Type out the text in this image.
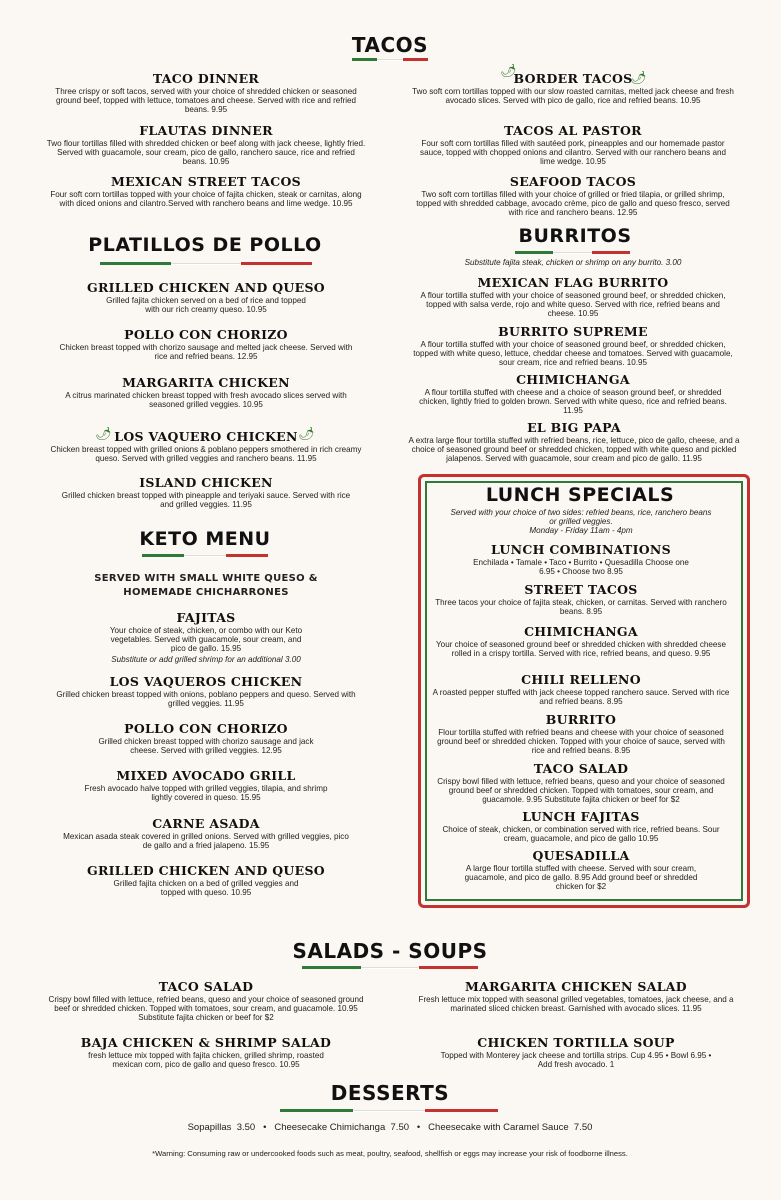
TACOS
TACO DINNER
Three crispy or soft tacos, served with your choice of shredded chicken or seasoned ground beef, topped with lettuce, tomatoes and cheese. Served with rice and refried beans. 9.95
FLAUTAS DINNER
Two flour tortillas filled with shredded chicken or beef along with jack cheese, lightly fried. Served with guacamole, sour cream, pico de gallo, ranchero sauce, rice and refried beans. 10.95
MEXICAN STREET TACOS
Four soft corn tortillas topped with your choice of fajita chicken, steak or carnitas, along with diced onions and cilantro.Served with ranchero beans and lime wedge. 10.95
🌶	🌶
BORDER TACOS
Two soft corn tortillas topped with our slow roasted carnitas, melted jack cheese and fresh avocado slices. Served with pico de gallo, rice and refried beans. 10.95
TACOS AL PASTOR
Four soft corn tortillas filled with sautéed pork, pineapples and our homemade pastor sauce, topped with chopped onions and cilantro. Served with our ranchero beans and lime wedge. 10.95
SEAFOOD TACOS
Two soft corn tortillas filled with your choice of grilled or fried tilapia, or grilled shrimp, topped with shredded cabbage, avocado crème, pico de gallo and queso fresco, served with rice and ranchero beans. 12.95
PLATILLOS DE POLLO
GRILLED CHICKEN AND QUESO
Grilled fajita chicken served on a bed of rice and topped with our rich creamy queso. 10.95
POLLO CON CHORIZO
Chicken breast topped with chorizo sausage and melted jack cheese. Served with rice and refried beans. 12.95
MARGARITA CHICKEN
A citrus marinated chicken breast topped with fresh avocado slices served with seasoned grilled veggies. 10.95
🌶	🌶
LOS VAQUERO CHICKEN
Chicken breast topped with grilled onions & poblano peppers smothered in rich creamy queso. Served with grilled veggies and ranchero beans. 11.95
ISLAND CHICKEN
Grilled chicken breast topped with pineapple and teriyaki sauce. Served with rice and grilled veggies. 11.95
KETO MENU
SERVED WITH SMALL WHITE QUESO &
HOMEMADE CHICHARRONES
FAJITAS
Your choice of steak, chicken, or combo with our Keto vegetables. Served with guacamole, sour cream, and pico de gallo. 15.95
Substitute or add grilled shrimp for an additional 3.00
LOS VAQUEROS CHICKEN
Grilled chicken breast topped with onions, poblano peppers and queso. Served with grilled veggies. 11.95
POLLO CON CHORIZO
Grilled chicken breast topped with chorizo sausage and jack cheese. Served with grilled veggies. 12.95
MIXED AVOCADO GRILL
Fresh avocado halve topped with grilled veggies, tilapia, and shrimp lightly covered in queso. 15.95
CARNE ASADA
Mexican asada steak covered in grilled onions. Served with grilled veggies, pico de gallo and a fried jalapeno. 15.95
GRILLED CHICKEN AND QUESO
Grilled fajita chicken on a bed of grilled veggies and topped with queso. 10.95
BURRITOS
Substitute fajita steak, chicken or shrimp on any burrito. 3.00
MEXICAN FLAG BURRITO
A flour tortilla stuffed with your choice of seasoned ground beef, or shredded chicken, topped with salsa verde, rojo and white queso. Served with rice, refried beans and cheese. 10.95
BURRITO SUPREME
A flour tortilla stuffed with your choice of seasoned ground beef, or shredded chicken, topped with white queso, lettuce, cheddar cheese and tomatoes. Served with guacamole, sour cream, rice and refried beans. 10.95
CHIMICHANGA
A flour tortilla stuffed with cheese and a choice of season ground beef, or shredded chicken, lightly fried to golden brown. Served with white queso, rice and refried beans. 11.95
EL BIG PAPA
A extra large flour tortilla stuffed with refried beans, rice, lettuce, pico de gallo, cheese, and a choice of seasoned ground beef or shredded chicken, topped with white queso and pickled jalapenos. Served with guacamole, sour cream and pico de gallo. 11.95
LUNCH SPECIALS
Served with your choice of two sides: refried beans, rice, ranchero beans or grilled veggies.
Monday - Friday 11am - 4pm
LUNCH COMBINATIONS
Enchilada • Tamale • Taco • Burrito • Quesadilla Choose one 6.95 • Choose two 8.95
STREET TACOS
Three tacos your choice of fajita steak, chicken, or carnitas. Served with ranchero beans. 8.95
CHIMICHANGA
Your choice of seasoned ground beef or shredded chicken with shredded cheese rolled in a crispy tortilla. Served with rice, refried beans, and queso. 9.95
CHILI RELLENO
A roasted pepper stuffed with jack cheese topped ranchero sauce. Served with rice and refried beans. 8.95
BURRITO
Flour tortilla stuffed with refried beans and cheese with your choice of seasoned ground beef or shredded chicken. Topped with your choice of sauce, served with rice and refried beans. 8.95
TACO SALAD
Crispy bowl filled with lettuce, refried beans, queso and your choice of seasoned ground beef or shredded chicken. Topped with tomatoes, sour cream, and guacamole. 9.95 Substitute fajita chicken or beef for $2
LUNCH FAJITAS
Choice of steak, chicken, or combination served with rice, refried beans. Sour cream, guacamole, and pico de gallo 10.95
QUESADILLA
A large flour tortilla stuffed with cheese. Served with sour cream, guacamole, and pico de gallo. 8.95 Add ground beef or shredded chicken for $2
SALADS - SOUPS
TACO SALAD
Crispy bowl filled with lettuce, refried beans, queso and your choice of seasoned ground beef or shredded chicken. Topped with tomatoes, sour cream, and guacamole. 10.95 Substitute fajita chicken or beef for $2
MARGARITA CHICKEN SALAD
Fresh lettuce mix topped with seasonal grilled vegetables, tomatoes, jack cheese, and a marinated sliced chicken breast. Garnished with avocado slices. 11.95
BAJA CHICKEN & SHRIMP SALAD
fresh lettuce mix topped with fajita chicken, grilled shrimp, roasted mexican corn, pico de gallo and queso fresco. 10.95
CHICKEN TORTILLA SOUP
Topped with Monterey jack cheese and tortilla strips. Cup 4.95 • Bowl 6.95 • Add fresh avocado. 1
DESSERTS
Sopapillas  3.50   •   Cheesecake Chimichanga  7.50   •   Cheesecake with Caramel Sauce  7.50
*Warning: Consuming raw or undercooked foods such as meat, poultry, seafood, shellfish or eggs may increase your risk of foodborne illness.
